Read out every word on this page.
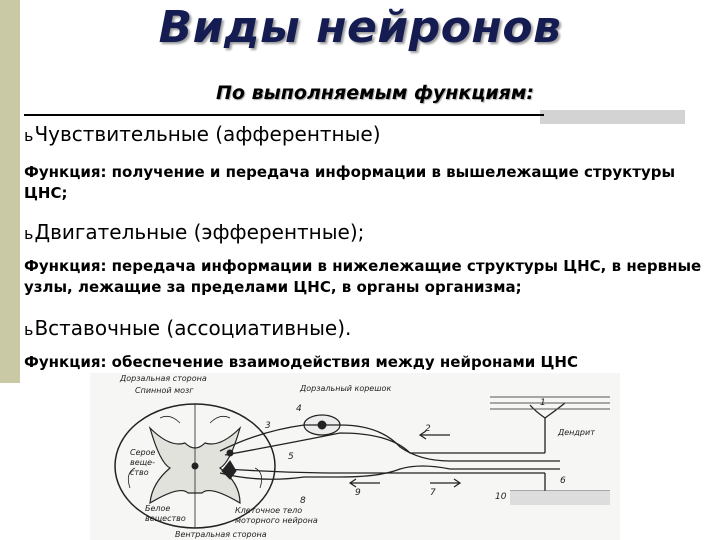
Виды нейронов
По выполняемым функциям:
ьЧувствительные (афферентные)
Функция: получение и передача информации в вышележащие структуры ЦНС;
ьДвигательные (эфферентные);
Функция: передача информации в нижележащие структуры ЦНС, в нервные узлы, лежащие за пределами ЦНС, в органы организма;
ьВставочные (ассоциативные).
Функция: обеспечение взаимодействия между нейронами ЦНС
Дорзальная сторона
Спинной мозг	Дорзальный корешок
Дендрит
Серое
веще-
ство
Белое
вещество
Клеточное тело
моторного нейрона
Вентральная сторона
1
2
3
4
5
6
7
8
9	10
